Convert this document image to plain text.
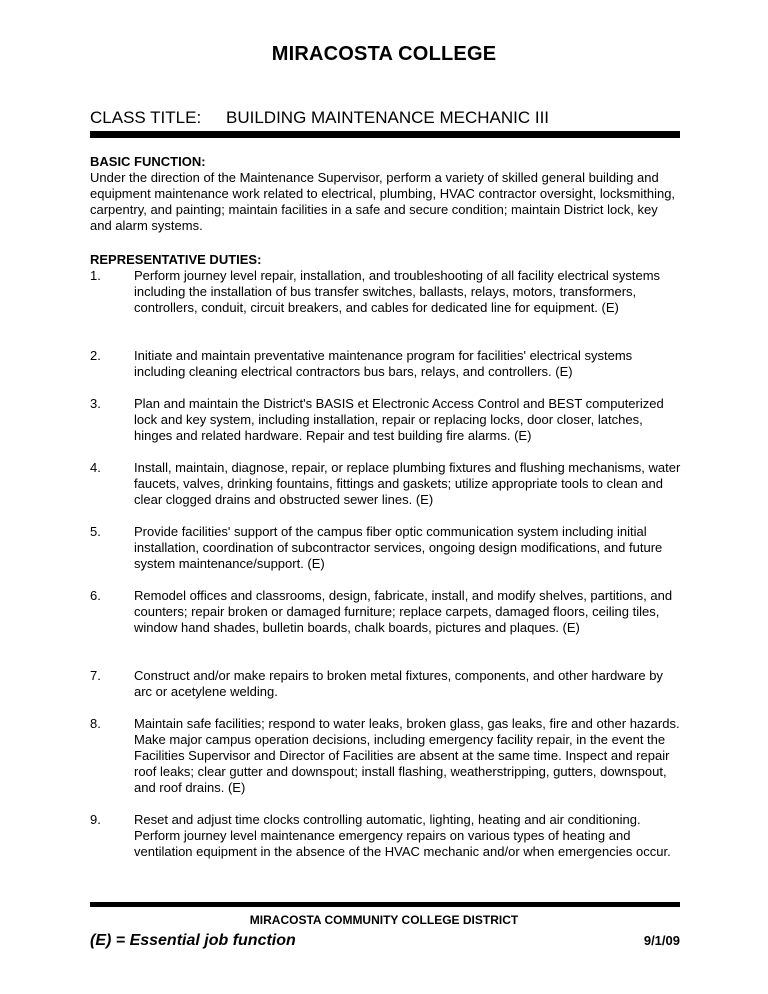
MIRACOSTA COLLEGE
CLASS TITLE: BUILDING MAINTENANCE MECHANIC III
BASIC FUNCTION:
Under the direction of the Maintenance Supervisor, perform a variety of skilled general building and equipment maintenance work related to electrical, plumbing, HVAC contractor oversight, locksmithing, carpentry, and painting; maintain facilities in a safe and secure condition; maintain District lock, key and alarm systems.
REPRESENTATIVE DUTIES:
1.	Perform journey level repair, installation, and troubleshooting of all facility electrical systems including the installation of bus transfer switches, ballasts, relays, motors, transformers, controllers, conduit, circuit breakers, and cables for dedicated line for equipment. (E)
2.	Initiate and maintain preventative maintenance program for facilities' electrical systems including cleaning electrical contractors bus bars, relays, and controllers. (E)
3.	Plan and maintain the District's BASIS et Electronic Access Control and BEST computerized lock and key system, including installation, repair or replacing locks, door closer, latches, hinges and related hardware. Repair and test building fire alarms. (E)
4.	Install, maintain, diagnose, repair, or replace plumbing fixtures and flushing mechanisms, water faucets, valves, drinking fountains, fittings and gaskets; utilize appropriate tools to clean and clear clogged drains and obstructed sewer lines. (E)
5.	Provide facilities' support of the campus fiber optic communication system including initial installation, coordination of subcontractor services, ongoing design modifications, and future system maintenance/support. (E)
6.	Remodel offices and classrooms, design, fabricate, install, and modify shelves, partitions, and counters; repair broken or damaged furniture; replace carpets, damaged floors, ceiling tiles, window hand shades, bulletin boards, chalk boards, pictures and plaques. (E)
7.	Construct and/or make repairs to broken metal fixtures, components, and other hardware by arc or acetylene welding.
8.	Maintain safe facilities; respond to water leaks, broken glass, gas leaks, fire and other hazards. Make major campus operation decisions, including emergency facility repair, in the event the Facilities Supervisor and Director of Facilities are absent at the same time. Inspect and repair roof leaks; clear gutter and downspout; install flashing, weatherstripping, gutters, downspout, and roof drains. (E)
9.	Reset and adjust time clocks controlling automatic, lighting, heating and air conditioning. Perform journey level maintenance emergency repairs on various types of heating and ventilation equipment in the absence of the HVAC mechanic and/or when emergencies occur.
MIRACOSTA COMMUNITY COLLEGE DISTRICT
(E) = Essential job function	9/1/09
